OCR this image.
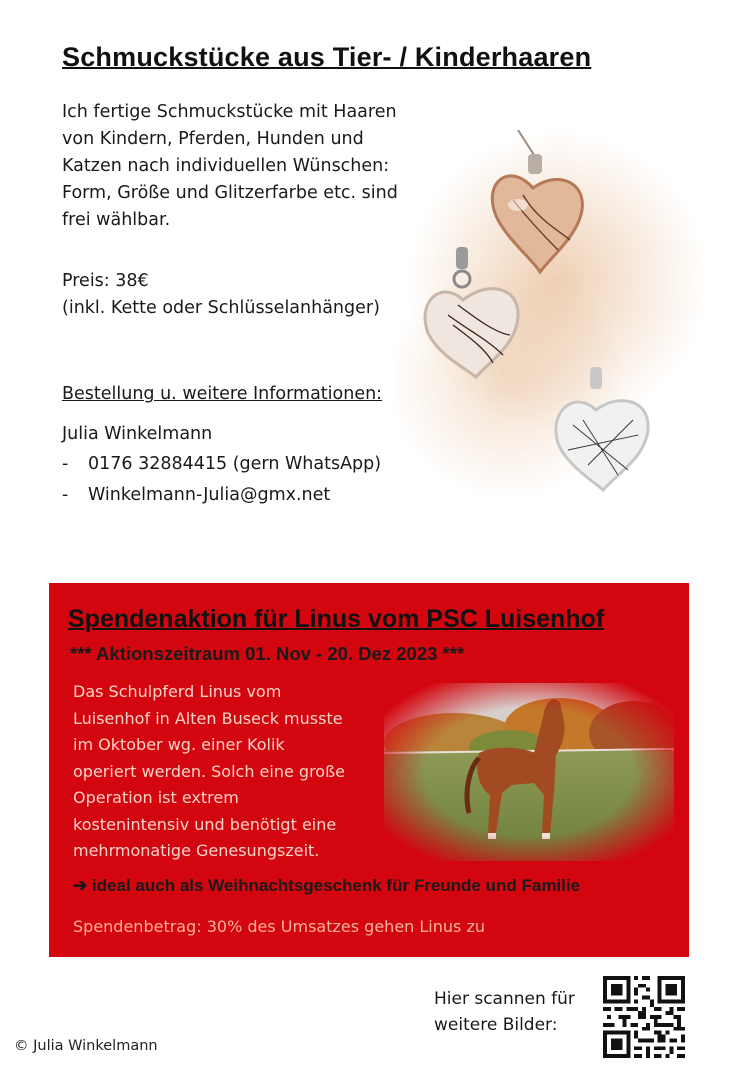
Schmuckstücke aus Tier- / Kinderhaaren

Ich fertige Schmuckstücke mit Haaren
von Kindern, Pferden, Hunden und
Katzen nach individuellen Wünschen:
Form, Größe und Glitzerfarbe etc. sind
frei wählbar.

Preis: 38€
(inkl. Kette oder Schlüsselanhänger)

Bestellung u. weitere Informationen:
Julia Winkelmann
- 0176 32884415 (gern WhatsApp)
- Winkelmann-Julia@gmx.net
Spendenaktion für Linus vom PSC Luisenhof
*** Aktionszeitraum 01. Nov - 20. Dez 2023 ***

Das Schulpferd Linus vom
Luisenhof in Alten Buseck musste
im Oktober wg. einer Kolik
operiert werden. Solch eine große
Operation ist extrem
kostenintensiv und benötigt eine
mehrmonatige Genesungszeit.

➔ ideal auch als Weihnachtsgeschenk für Freunde und Familie
Spendenbetrag: 30% des Umsatzes gehen Linus zu

Hier scannen für
weitere Bilder:

© Julia Winkelmann
